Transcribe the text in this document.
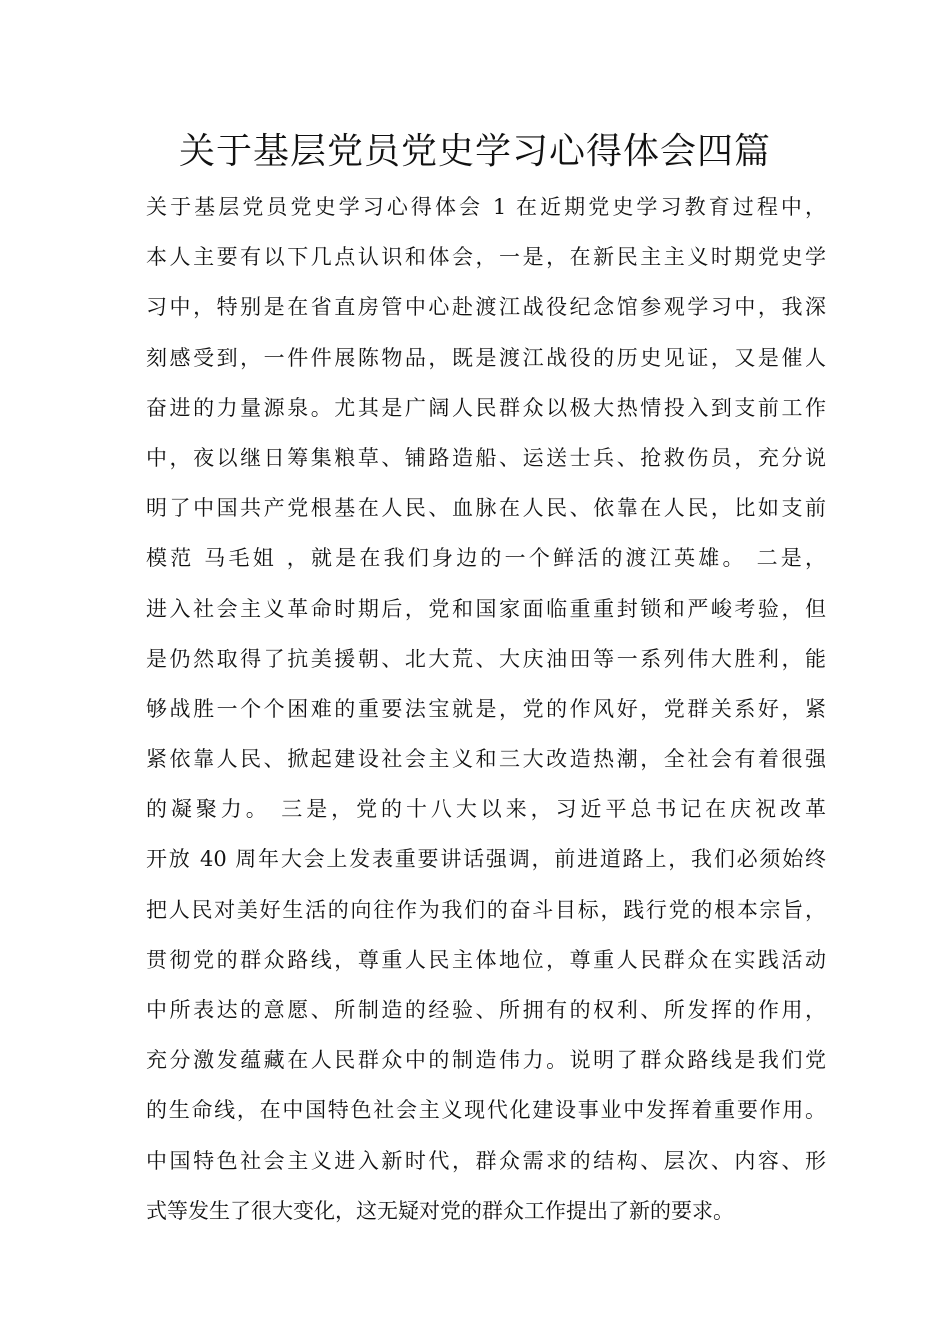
关于基层党员党史学习心得体会四篇
关于基层党员党史学习心得体会 1 在近期党史学习教育过程中，
本人主要有以下几点认识和体会，一是，在新民主主义时期党史学
习中，特别是在省直房管中心赴渡江战役纪念馆参观学习中，我深
刻感受到，一件件展陈物品，既是渡江战役的历史见证，又是催人
奋进的力量源泉。尤其是广阔人民群众以极大热情投入到支前工作
中，夜以继日筹集粮草、铺路造船、运送士兵、抢救伤员，充分说
明了中国共产党根基在人民、血脉在人民、依靠在人民，比如支前
模范 马毛姐 ，就是在我们身边的一个鲜活的渡江英雄。 二是，
进入社会主义革命时期后，党和国家面临重重封锁和严峻考验，但
是仍然取得了抗美援朝、北大荒、大庆油田等一系列伟大胜利，能
够战胜一个个困难的重要法宝就是，党的作风好，党群关系好，紧
紧依靠人民、掀起建设社会主义和三大改造热潮，全社会有着很强
的凝聚力。 三是，党的十八大以来，习近平总书记在庆祝改革
开放 40 周年大会上发表重要讲话强调，前进道路上，我们必须始终
把人民对美好生活的向往作为我们的奋斗目标，践行党的根本宗旨，
贯彻党的群众路线，尊重人民主体地位，尊重人民群众在实践活动
中所表达的意愿、所制造的经验、所拥有的权利、所发挥的作用，
充分激发蕴藏在人民群众中的制造伟力。说明了群众路线是我们党
的生命线，在中国特色社会主义现代化建设事业中发挥着重要作用。
中国特色社会主义进入新时代，群众需求的结构、层次、内容、形
式等发生了很大变化，这无疑对党的群众工作提出了新的要求。
